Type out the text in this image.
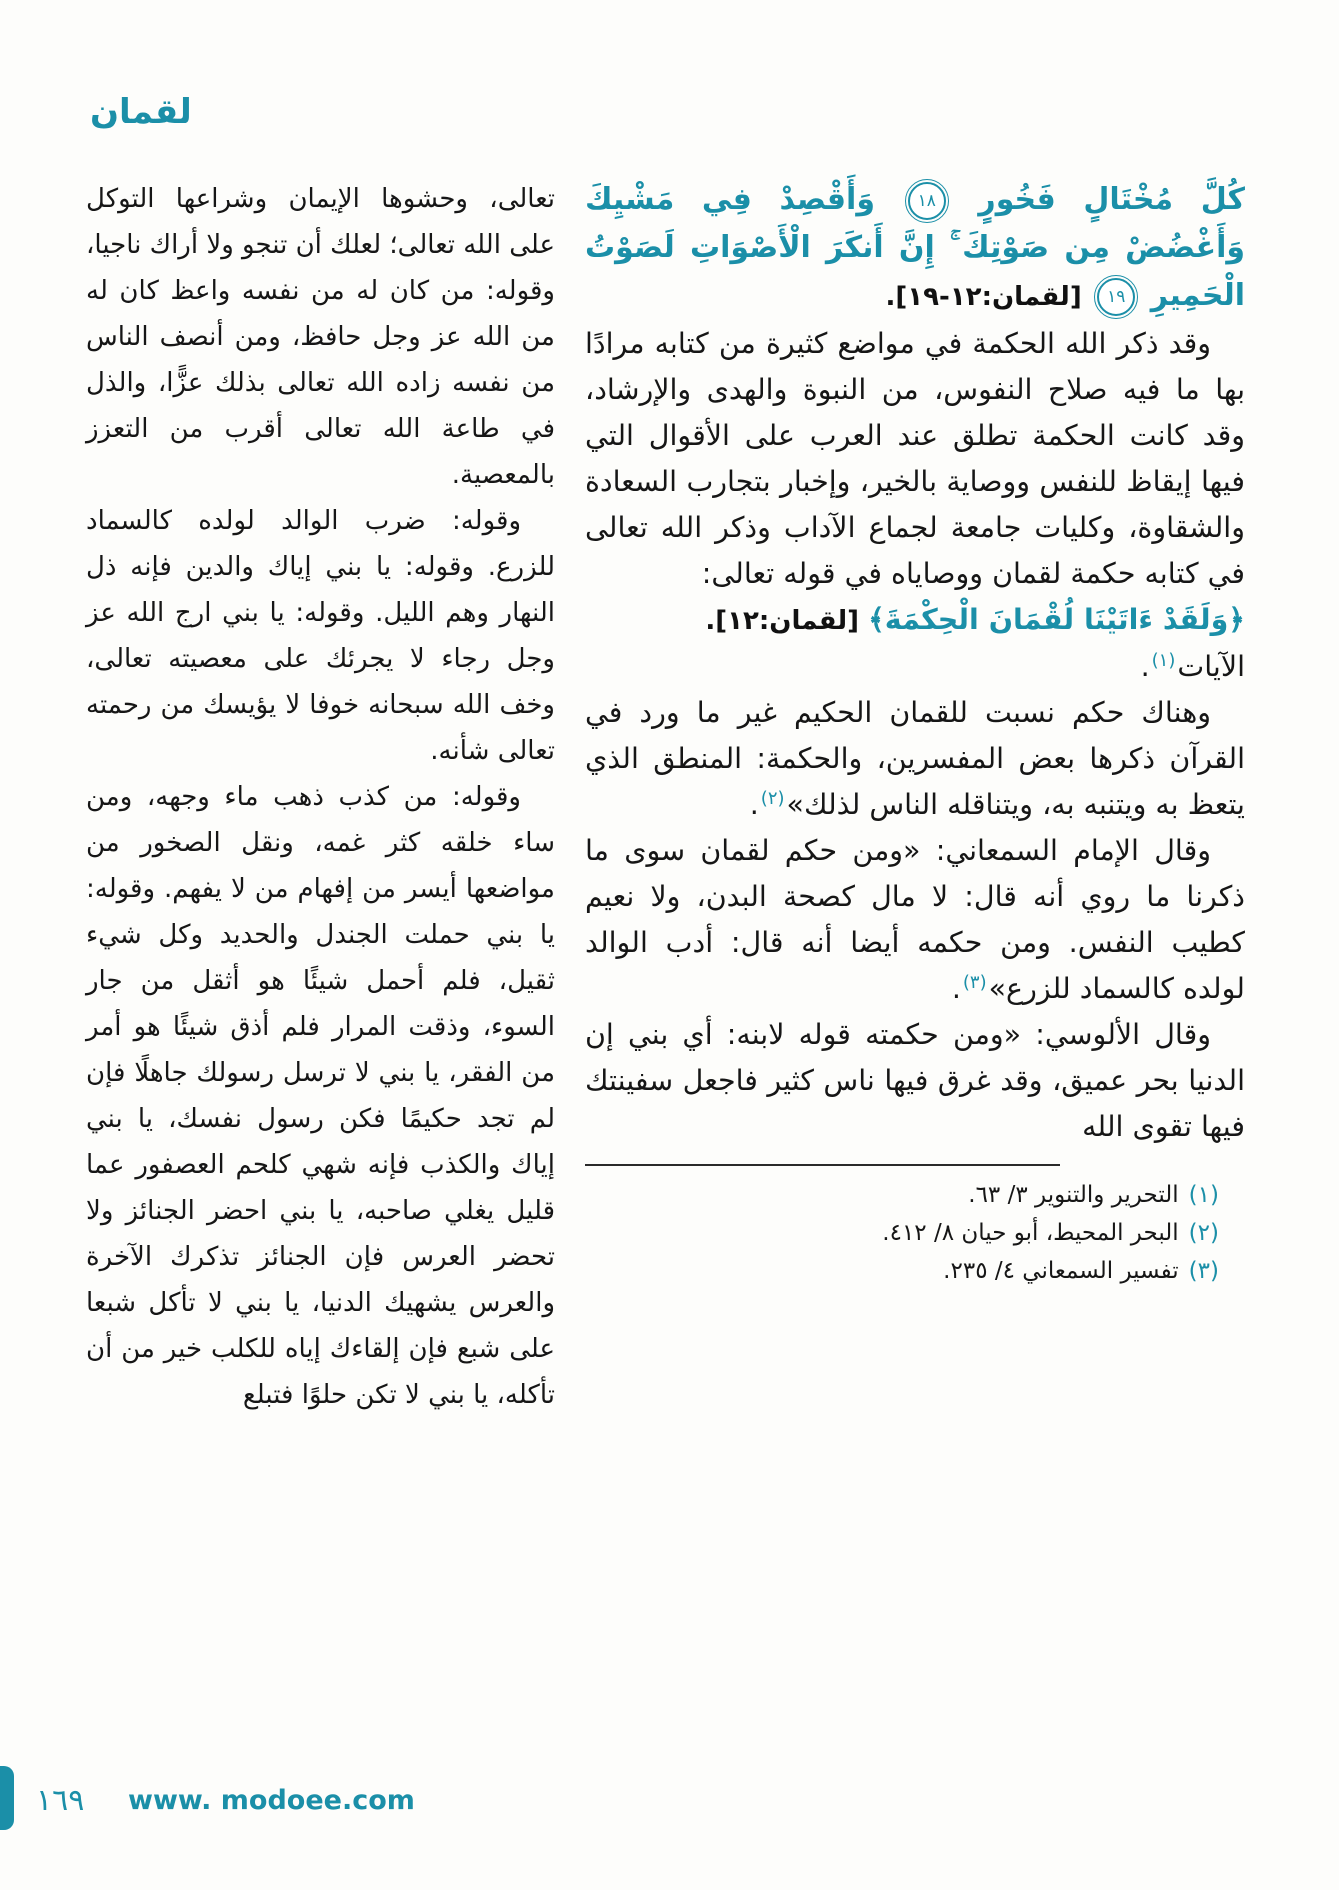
لقمان

كُلَّ مُخْتَالٍ فَخُورٍ ١٨ وَأَقْصِدْ فِي مَشْيِكَ وَأَغْضُضْ مِن صَوْتِكَ ۚ إِنَّ أَنكَرَ الْأَصْوَاتِ لَصَوْتُ الْحَمِيرِ ١٩ [لقمان:١٢-١٩].

وقد ذكر الله الحكمة في مواضع كثيرة من كتابه مرادًا بها ما فيه صلاح النفوس، من النبوة والهدى والإرشاد، وقد كانت الحكمة تطلق عند العرب على الأقوال التي فيها إيقاظ للنفس ووصاية بالخير، وإخبار بتجارب السعادة والشقاوة، وكليات جامعة لجماع الآداب وذكر الله تعالى في كتابه حكمة لقمان ووصاياه في قوله تعالى:

﴿وَلَقَدْ ءَاتَيْنَا لُقْمَانَ الْحِكْمَةَ﴾ [لقمان:١٢].

الآيات$^{(١)}$.

وهناك حكم نسبت للقمان الحكيم غير ما ورد في القرآن ذكرها بعض المفسرين، والحكمة: المنطق الذي يتعظ به ويتنبه به، ويتناقله الناس لذلك»$^{(٢)}$.

وقال الإمام السمعاني: «ومن حكم لقمان سوى ما ذكرنا ما روي أنه قال: لا مال كصحة البدن، ولا نعيم كطيب النفس. ومن حكمه أيضا أنه قال: أدب الوالد لولده كالسماد للزرع»$^{(٣)}$.

وقال الألوسي: «ومن حكمته قوله لابنه: أي بني إن الدنيا بحر عميق، وقد غرق فيها ناس كثير فاجعل سفينتك فيها تقوى الله

(١)
التحرير والتنوير ٣/ ٦٣.
(٢)
البحر المحيط، أبو حيان ٨/ ٤١٢.
(٣)
تفسير السمعاني ٤/ ٢٣٥.

تعالى، وحشوها الإيمان وشراعها التوكل على الله تعالى؛ لعلك أن تنجو ولا أراك ناجيا، وقوله: من كان له من نفسه واعظ كان له من الله عز وجل حافظ، ومن أنصف الناس من نفسه زاده الله تعالى بذلك عزًّا، والذل في طاعة الله تعالى أقرب من التعزز بالمعصية.

وقوله: ضرب الوالد لولده كالسماد للزرع. وقوله: يا بني إياك والدين فإنه ذل النهار وهم الليل. وقوله: يا بني ارج الله عز وجل رجاء لا يجرئك على معصيته تعالى، وخف الله سبحانه خوفا لا يؤيسك من رحمته تعالى شأنه.

وقوله: من كذب ذهب ماء وجهه، ومن ساء خلقه كثر غمه، ونقل الصخور من مواضعها أيسر من إفهام من لا يفهم. وقوله: يا بني حملت الجندل والحديد وكل شيء ثقيل، فلم أحمل شيئًا هو أثقل من جار السوء، وذقت المرار فلم أذق شيئًا هو أمر من الفقر، يا بني لا ترسل رسولك جاهلًا فإن لم تجد حكيمًا فكن رسول نفسك، يا بني إياك والكذب فإنه شهي كلحم العصفور عما قليل يغلي صاحبه، يا بني احضر الجنائز ولا تحضر العرس فإن الجنائز تذكرك الآخرة والعرس يشهيك الدنيا، يا بني لا تأكل شبعا على شبع فإن إلقاءك إياه للكلب خير من أن تأكله، يا بني لا تكن حلوًا فتبلع

١٦٩ www. modoee.com
